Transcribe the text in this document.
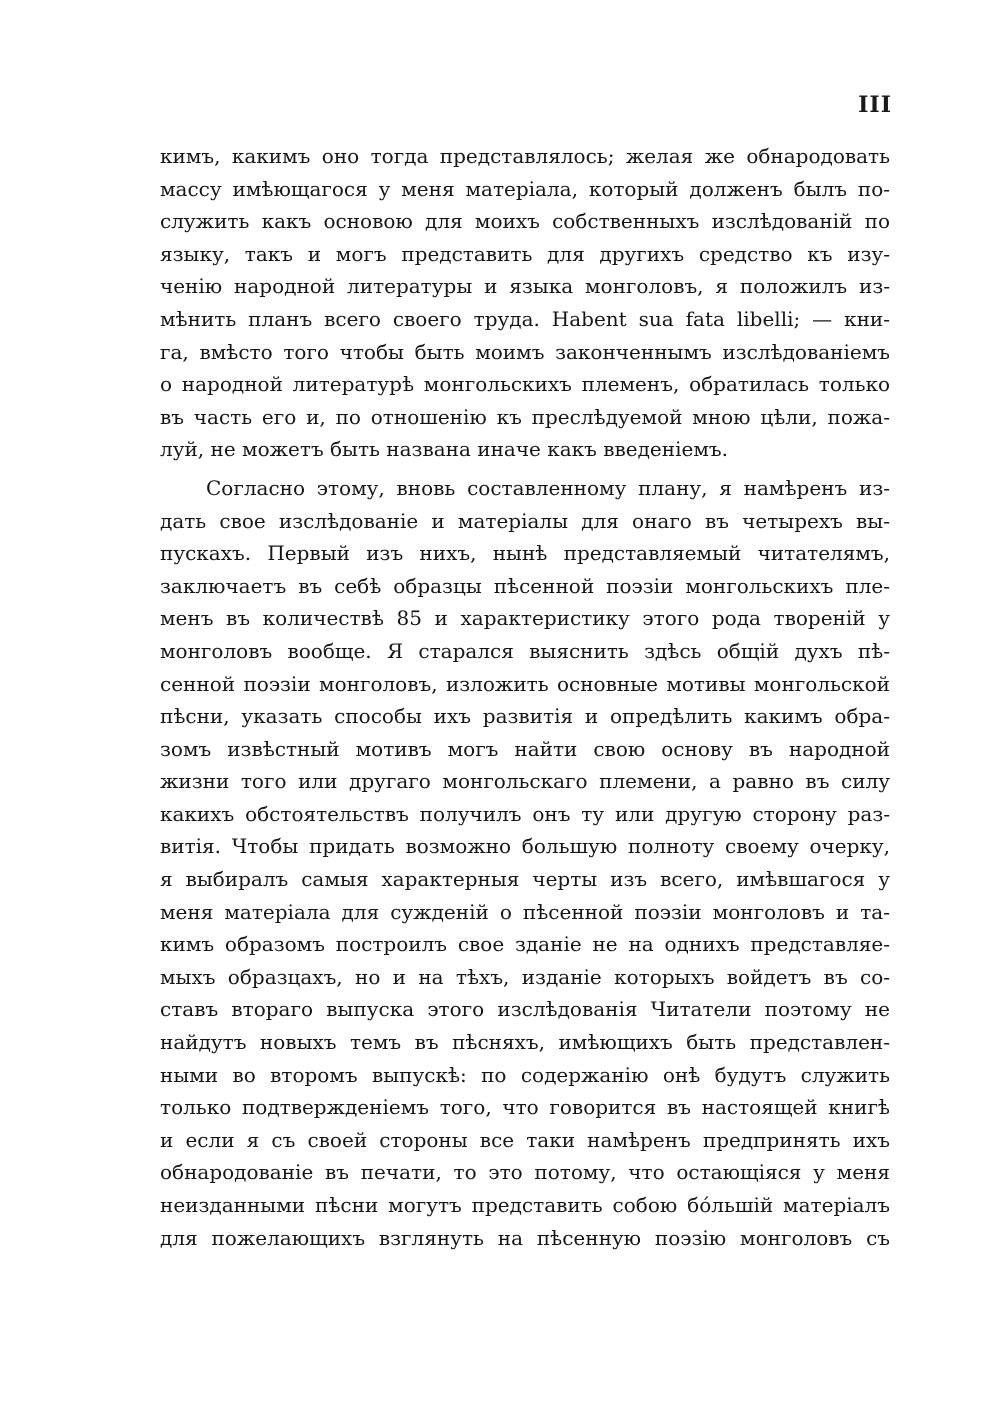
III
кимъ, какимъ оно тогда представлялось; желая же обнародовать
массу имѣющагося у меня матеріала, который долженъ былъ по-
служить какъ основою для моихъ собственныхъ изслѣдованій по
языку, такъ и могъ представить для другихъ средство къ изу-
ченію народной литературы и языка монголовъ, я положилъ из-
мѣнить планъ всего своего труда. Habent sua fata libelli; — кни-
га, вмѣсто того чтобы быть моимъ законченнымъ изслѣдованіемъ
о народной литературѣ монгольскихъ племенъ, обратилась только
въ часть его и, по отношенію къ преслѣдуемой мною цѣли, пожа-
луй, не можетъ быть названа иначе какъ введеніемъ.
Согласно этому, вновь составленному плану, я намѣренъ из-
дать свое изслѣдованіе и матеріалы для онаго въ четырехъ вы-
пускахъ. Первый изъ нихъ, нынѣ представляемый читателямъ,
заключаетъ въ себѣ образцы пѣсенной поэзіи монгольскихъ пле-
менъ въ количествѣ 85 и характеристику этого рода твореній у
монголовъ вообще. Я старался выяснить здѣсь общій духъ пѣ-
сенной поэзіи монголовъ, изложить основные мотивы монгольской
пѣсни, указать способы ихъ развитія и опредѣлить какимъ обра-
зомъ извѣстный мотивъ могъ найти свою основу въ народной
жизни того или другаго монгольскаго племени, а равно въ силу
какихъ обстоятельствъ получилъ онъ ту или другую сторону раз-
витія. Чтобы придать возможно большую полноту своему очерку,
я выбиралъ самыя характерныя черты изъ всего, имѣвшагося у
меня матеріала для сужденій о пѣсенной поэзіи монголовъ и та-
кимъ образомъ построилъ свое зданіе не на однихъ представляе-
мыхъ образцахъ, но и на тѣхъ, изданіе которыхъ войдетъ въ со-
ставъ втораго выпуска этого изслѣдованія Читатели поэтому не
найдутъ новыхъ темъ въ пѣсняхъ, имѣющихъ быть представлен-
ными во второмъ выпускѣ: по содержанію онѣ будутъ служить
только подтвержденіемъ того, что говорится въ настоящей книгѣ
и если я съ своей стороны все таки намѣренъ предпринять ихъ
обнародованіе въ печати, то это потому, что остающіяся у меня
неизданными пѣсни могутъ представить собою бо́льшій матеріалъ
для пожелающихъ взглянуть на пѣсенную поэзію монголовъ съ
